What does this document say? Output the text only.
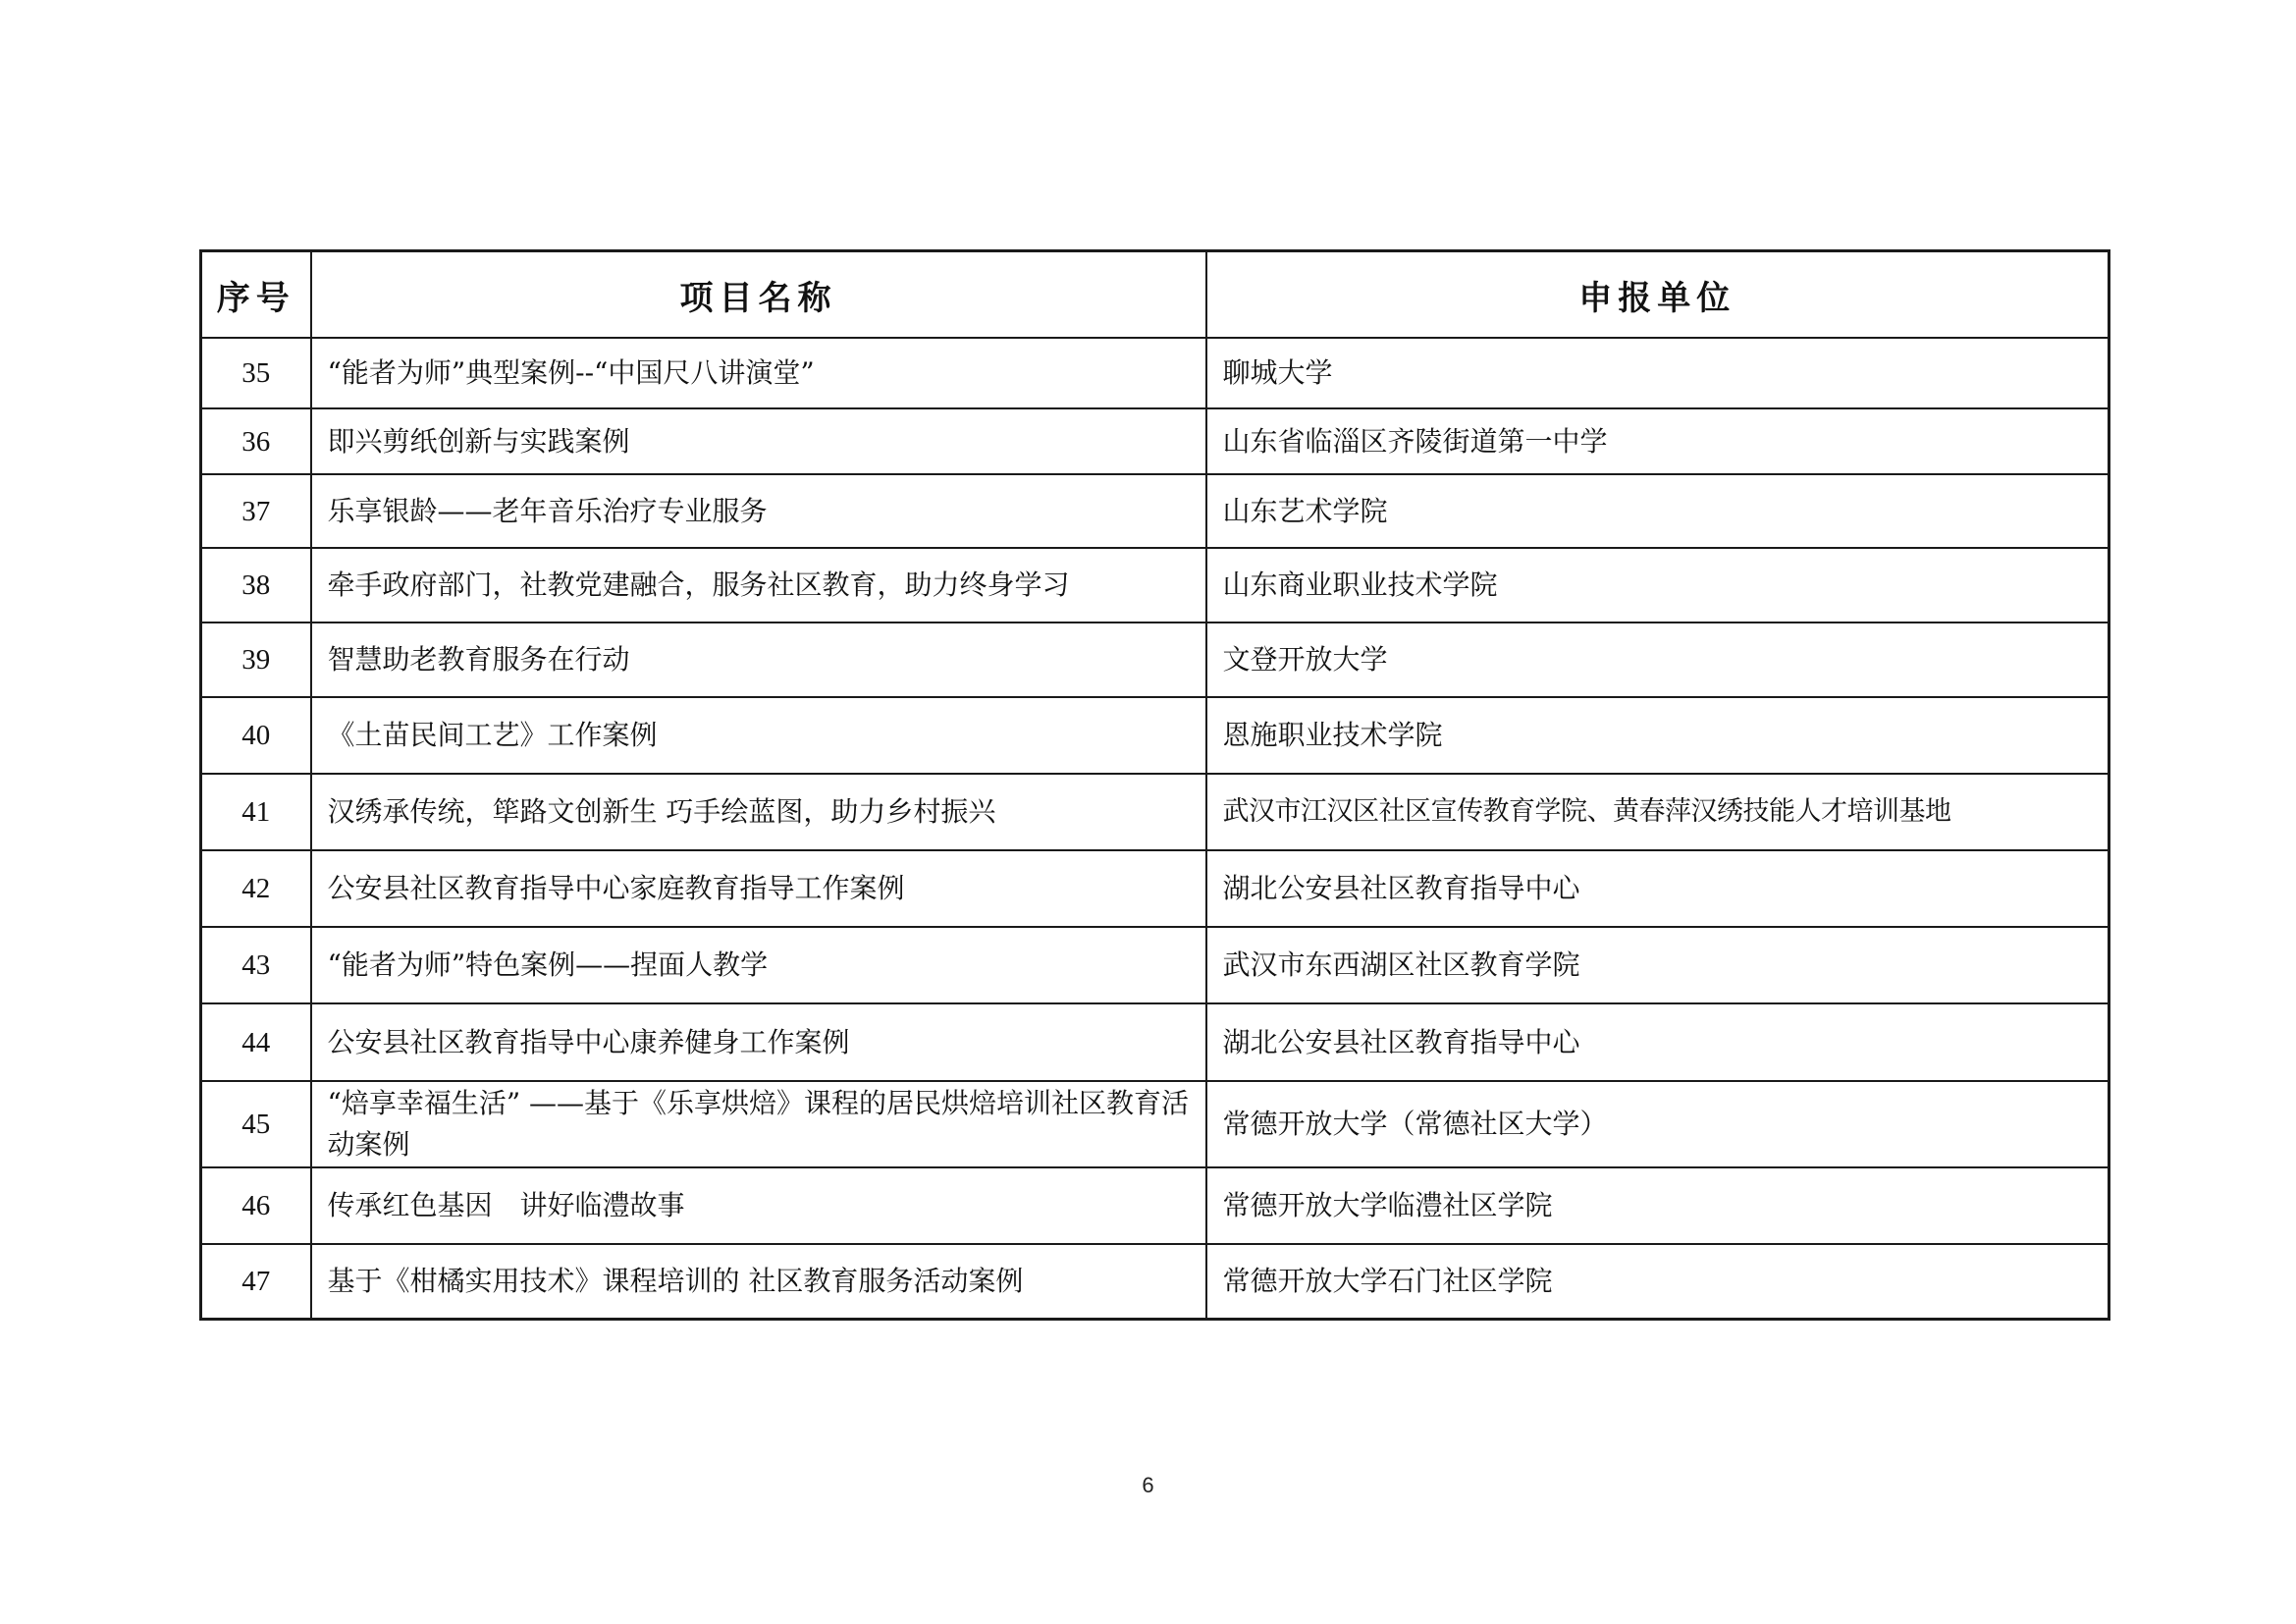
序号	项目名称	申报单位
35	“能者为师”典型案例--“中国尺八讲演堂”	聊城大学
36	即兴剪纸创新与实践案例	山东省临淄区齐陵街道第一中学
37	乐享银龄——老年音乐治疗专业服务	山东艺术学院
38	牵手政府部门，社教党建融合，服务社区教育，助力终身学习	山东商业职业技术学院
39	智慧助老教育服务在行动	文登开放大学
40	《土苗民间工艺》工作案例	恩施职业技术学院
41	汉绣承传统，筚路文创新生 巧手绘蓝图，助力乡村振兴	武汉市江汉区社区宣传教育学院、黄春萍汉绣技能人才培训基地
42	公安县社区教育指导中心家庭教育指导工作案例	湖北公安县社区教育指导中心
43	“能者为师”特色案例——捏面人教学	武汉市东西湖区社区教育学院
44	公安县社区教育指导中心康养健身工作案例	湖北公安县社区教育指导中心
45	“焙享幸福生活” ——基于《乐享烘焙》课程的居民烘焙培训社区教育活动案例	常德开放大学（常德社区大学）
46	传承红色基因　讲好临澧故事	常德开放大学临澧社区学院
47	基于《柑橘实用技术》课程培训的 社区教育服务活动案例	常德开放大学石门社区学院
6
